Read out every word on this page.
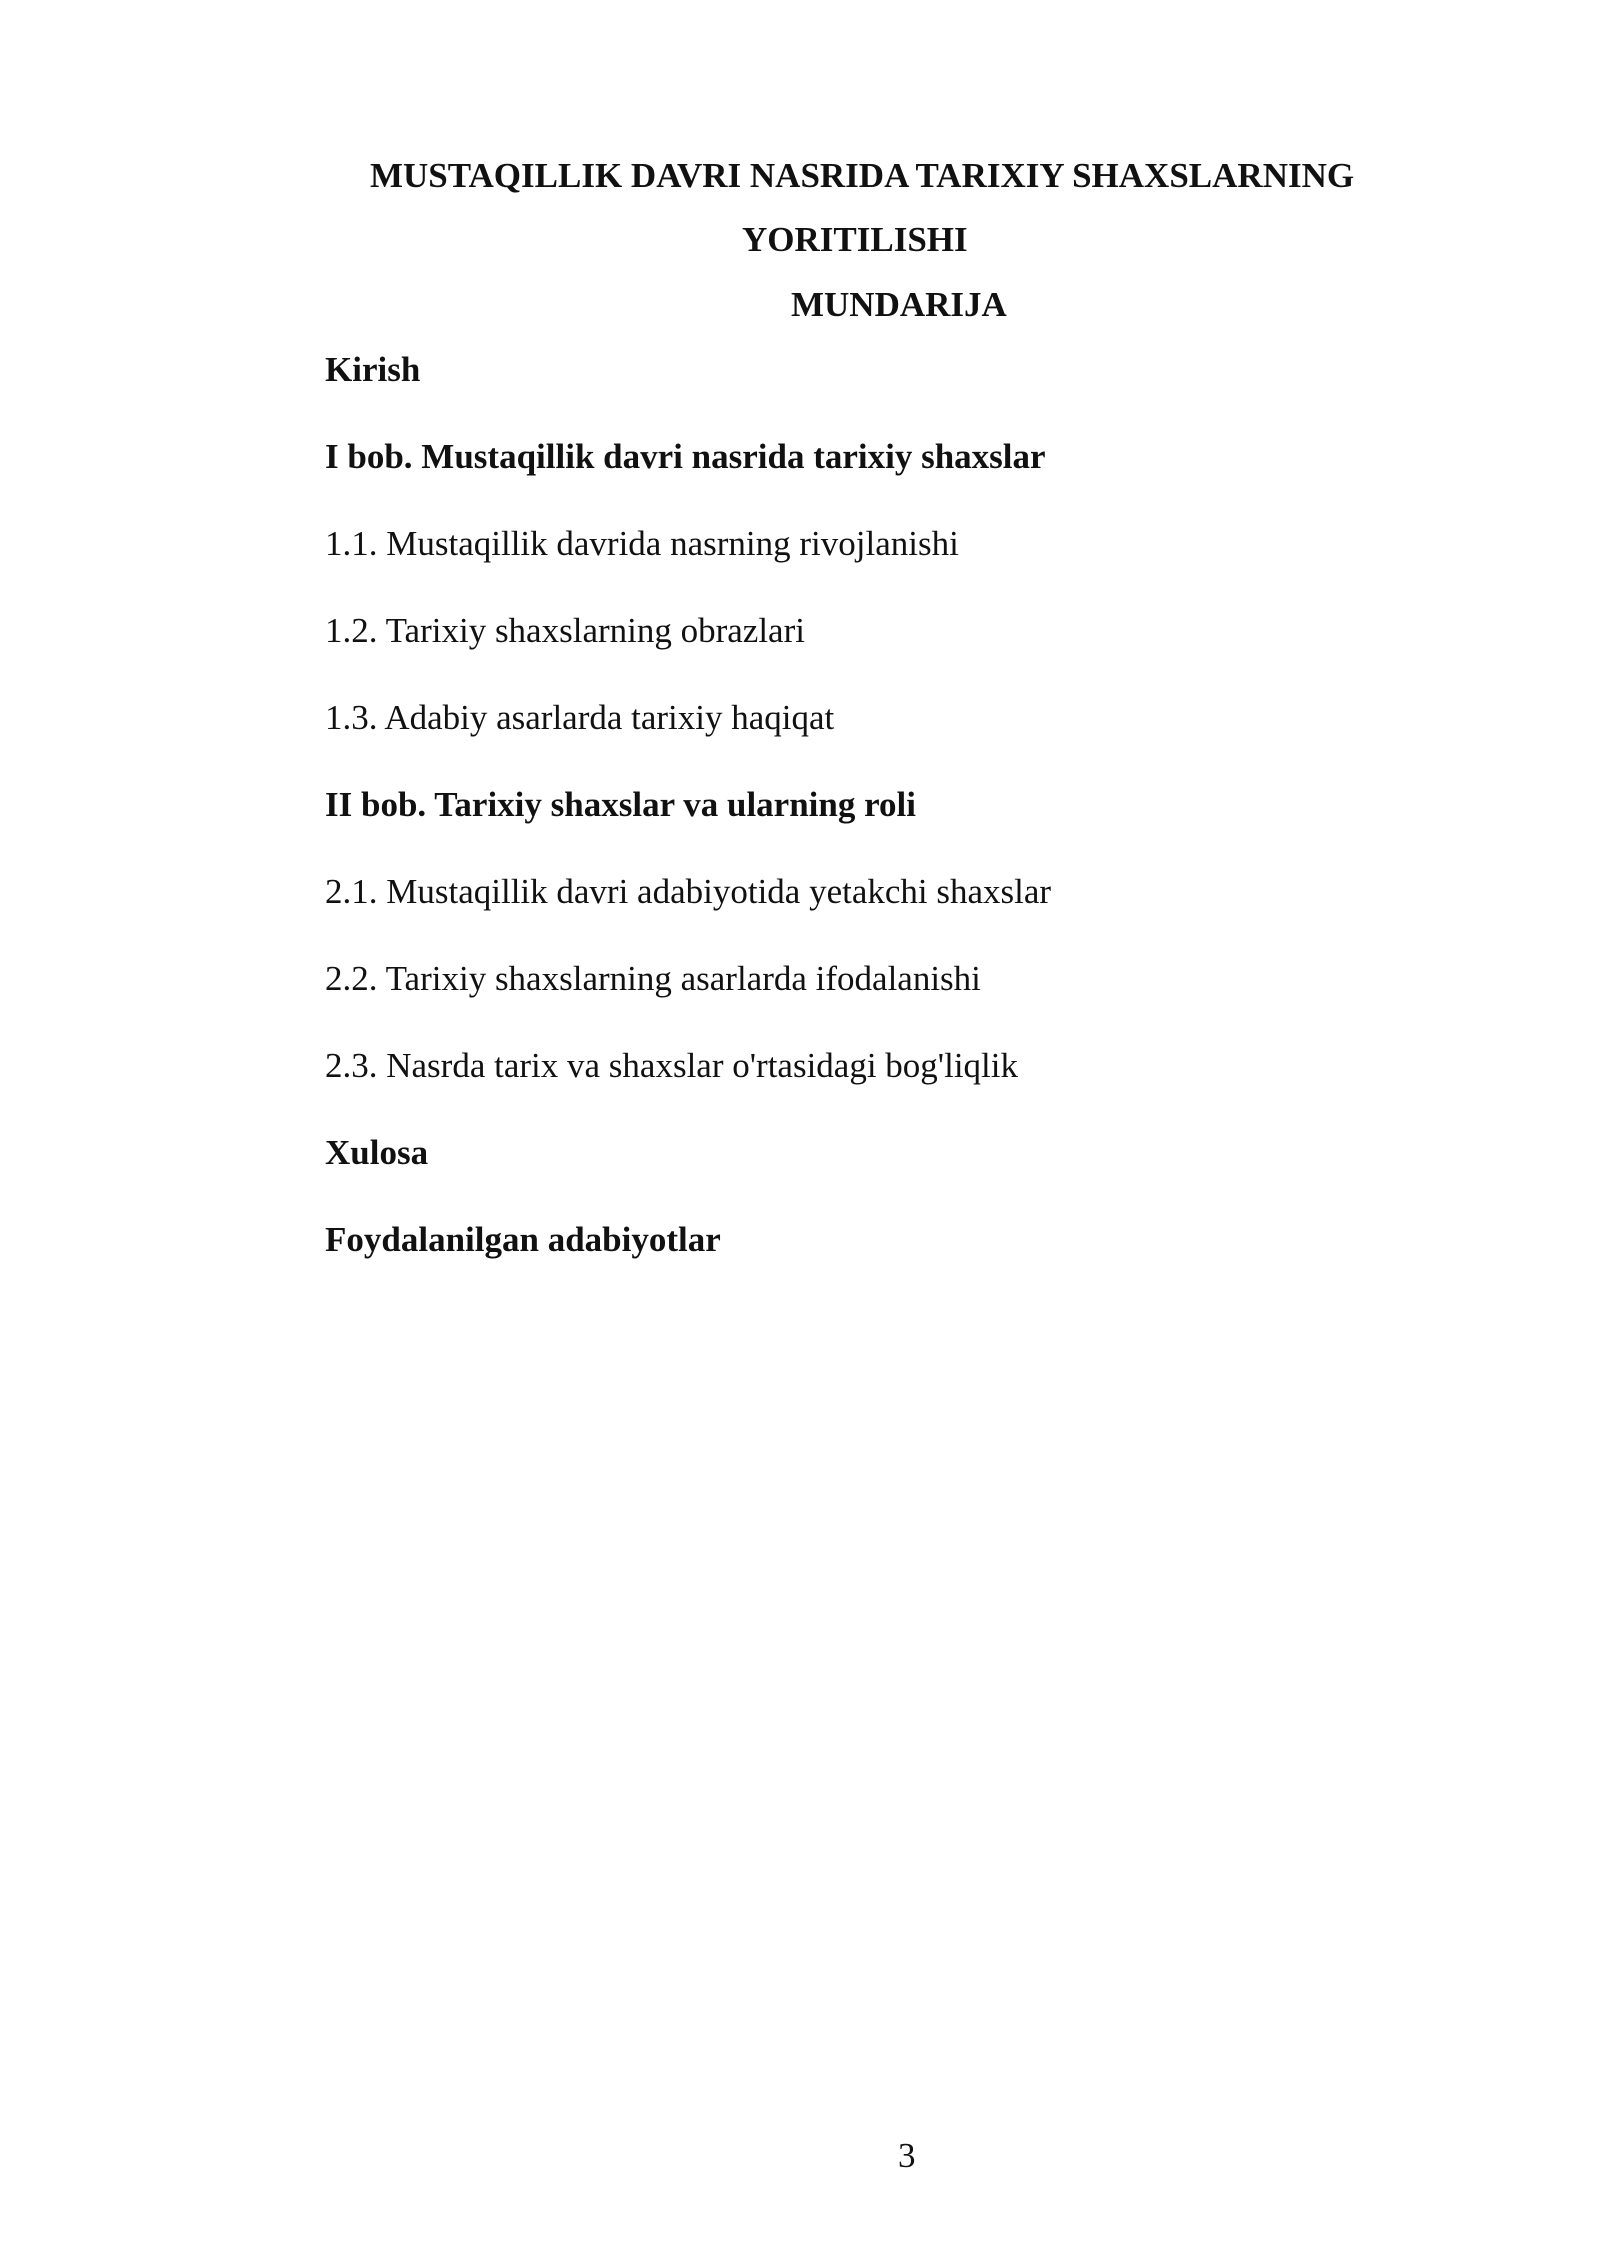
MUSTAQILLIK DAVRI NASRIDA TARIXIY SHAXSLARNING
YORITILISHI
MUNDARIJA
Kirish
I bob. Mustaqillik davri nasrida tarixiy shaxslar
1.1. Mustaqillik davrida nasrning rivojlanishi
1.2. Tarixiy shaxslarning obrazlari
1.3. Adabiy asarlarda tarixiy haqiqat
II bob. Tarixiy shaxslar va ularning roli
2.1. Mustaqillik davri adabiyotida yetakchi shaxslar
2.2. Tarixiy shaxslarning asarlarda ifodalanishi
2.3. Nasrda tarix va shaxslar o'rtasidagi bog'liqlik
Xulosa
Foydalanilgan adabiyotlar
3
